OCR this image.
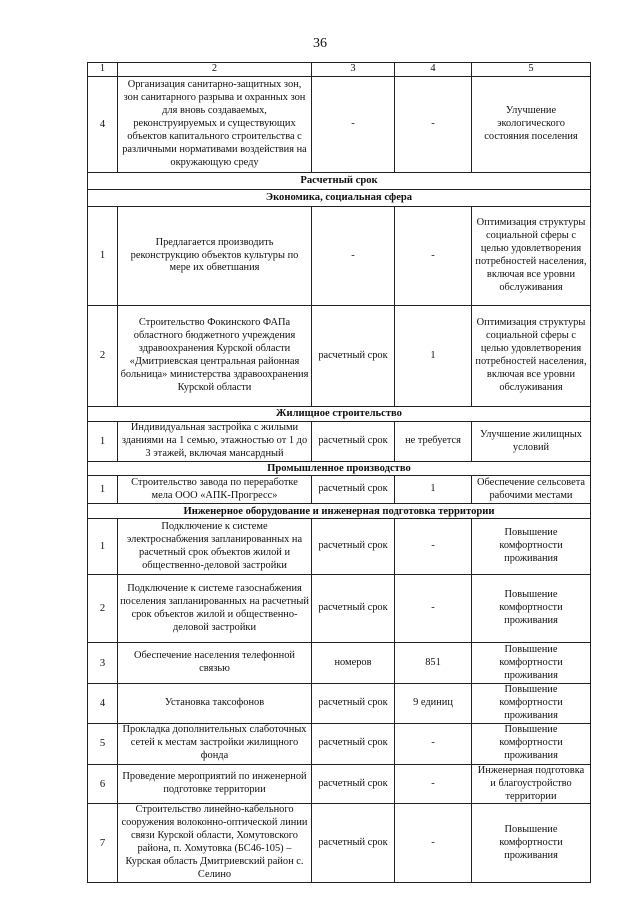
36
1	2	3	4	5
4	Организация санитарно-защитных зон, зон санитарного разрыва и охранных зон для вновь создаваемых, реконструируемых и существующих объектов капитального строительства с различными нормативами воздействия на окружающую среду	-	-	Улучшение экологического состояния поселения
Расчетный срок				
Экономика, социальная сфера				
1	Предлагается производить реконструкцию объектов культуры по мере их обветшания	-	-	Оптимизация структуры социальной сферы с целью удовлетворения потребностей населения, включая все уровни обслуживания
2	Строительство Фокинского ФАПа областного бюджетного учреждения здравоохранения Курской области «Дмитриевская центральная районная больница» министерства здравоохранения Курской области	расчетный срок	1	Оптимизация структуры социальной сферы с целью удовлетворения потребностей населения, включая все уровни обслуживания
Жилищное строительство				
1	Индивидуальная застройка с жилыми зданиями на 1 семью, этажностью от 1 до 3 этажей, включая мансардный	расчетный срок	не требуется	Улучшение жилищных условий
Промышленное производство				
1	Строительство завода по переработке мела ООО «АПК-Прогресс»	расчетный срок	1	Обеспечение сельсовета рабочими местами
Инженерное оборудование и инженерная подготовка территории				
1	Подключение к системе электроснабжения запланированных на расчетный срок объектов жилой и общественно-деловой застройки	расчетный срок	-	Повышение комфортности проживания
2	Подключение к системе газоснабжения поселения запланированных на расчетный срок объектов жилой и общественно-деловой застройки	расчетный срок	-	Повышение комфортности проживания
3	Обеспечение населения телефонной связью	номеров	851	Повышение комфортности проживания
4	Установка таксофонов	расчетный срок	9 единиц	Повышение комфортности проживания
5	Прокладка дополнительных слаботочных сетей к местам застройки жилищного фонда	расчетный срок	-	Повышение комфортности проживания
6	Проведение мероприятий по инженерной подготовке территории	расчетный срок	-	Инженерная подготовка и благоустройство территории
7	Строительство линейно-кабельного сооружения волоконно-оптической линии связи Курской области, Хомутовского района, п. Хомутовка (БС46-105) – Курская область Дмитриевский район с. Селино	расчетный срок	-	Повышение комфортности проживания
